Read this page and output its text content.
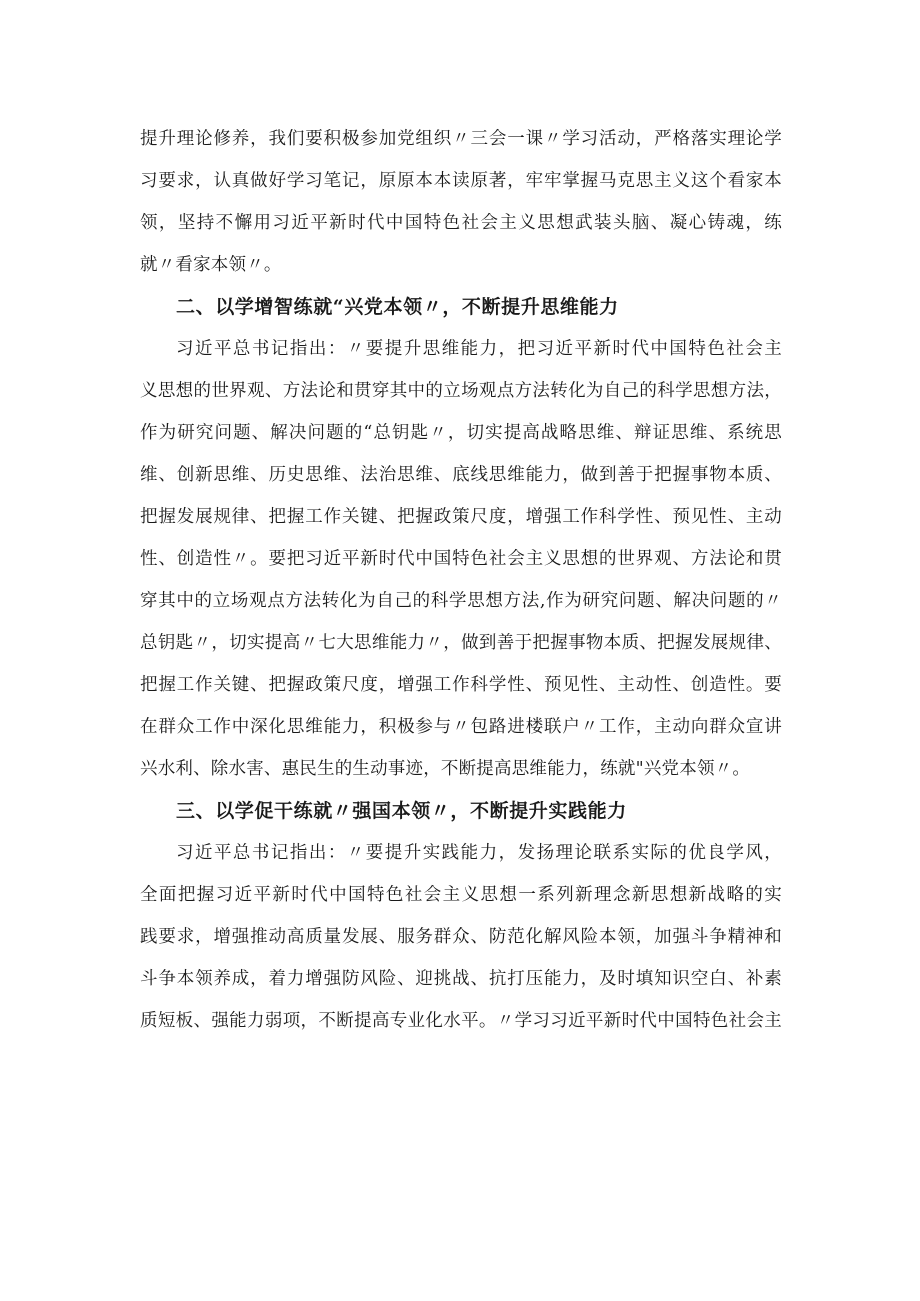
提升理论修养，我们要积极参加党组织〃三会一课〃学习活动，严格落实理论学
习要求，认真做好学习笔记，原原本本读原著，牢牢掌握马克思主义这个看家本
领，坚持不懈用习近平新时代中国特色社会主义思想武装头脑、凝心铸魂，练
就〃看家本领〃。
二、以学增智练就“兴党本领〃，不断提升思维能力
习近平总书记指出：〃要提升思维能力，把习近平新时代中国特色社会主
义思想的世界观、方法论和贯穿其中的立场观点方法转化为自己的科学思想方法，
作为研究问题、解决问题的“总钥匙〃，切实提高战略思维、辩证思维、系统思
维、创新思维、历史思维、法治思维、底线思维能力，做到善于把握事物本质、
把握发展规律、把握工作关键、把握政策尺度，增强工作科学性、预见性、主动
性、创造性〃。要把习近平新时代中国特色社会主义思想的世界观、方法论和贯
穿其中的立场观点方法转化为自己的科学思想方法,作为研究问题、解决问题的〃
总钥匙〃，切实提高〃七大思维能力〃，做到善于把握事物本质、把握发展规律、
把握工作关键、把握政策尺度，增强工作科学性、预见性、主动性、创造性。要
在群众工作中深化思维能力，积极参与〃包路进楼联户〃工作，主动向群众宣讲
兴水利、除水害、惠民生的生动事迹，不断提高思维能力，练就"兴党本领〃。
三、以学促干练就〃强国本领〃，不断提升实践能力
习近平总书记指出：〃要提升实践能力，发扬理论联系实际的优良学风，
全面把握习近平新时代中国特色社会主义思想一系列新理念新思想新战略的实
践要求，增强推动高质量发展、服务群众、防范化解风险本领，加强斗争精神和
斗争本领养成，着力增强防风险、迎挑战、抗打压能力，及时填知识空白、补素
质短板、强能力弱项，不断提高专业化水平。〃学习习近平新时代中国特色社会主
